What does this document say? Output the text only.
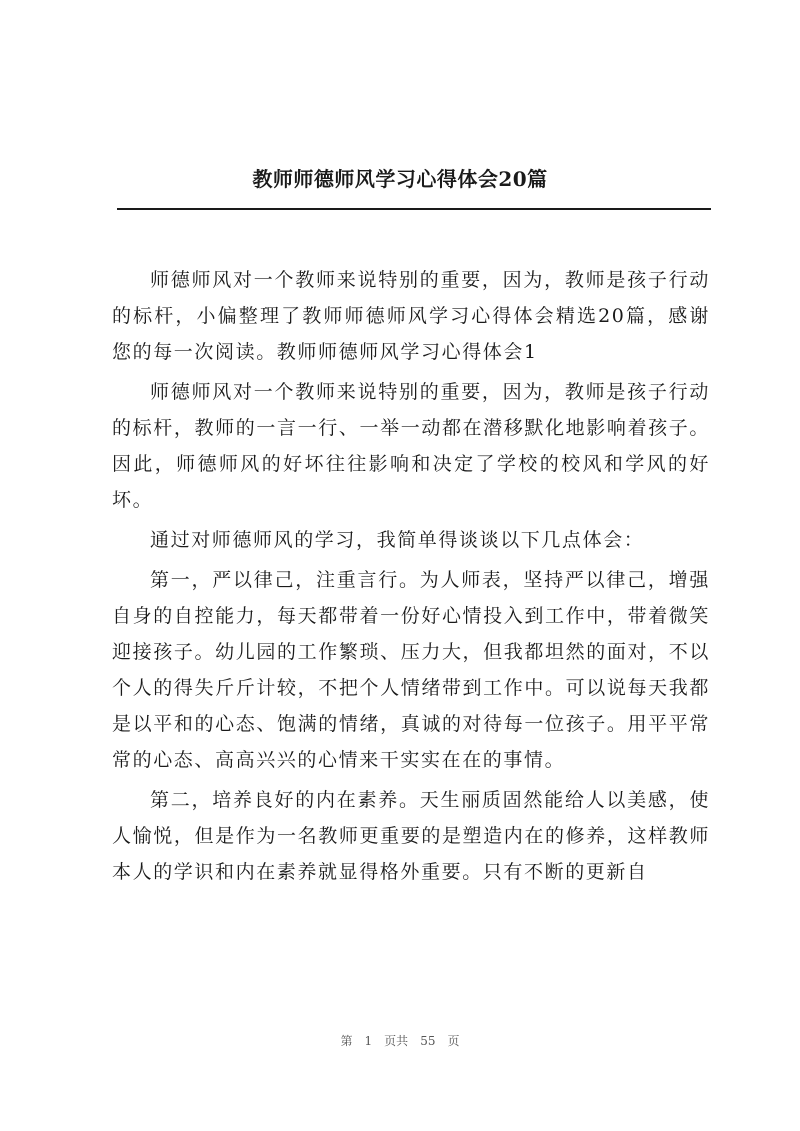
教师师德师风学习心得体会20篇

师德师风对一个教师来说特别的重要，因为，教师是孩子行动的标杆，小偏整理了教师师德师风学习心得体会精选20篇，感谢您的每一次阅读。教师师德师风学习心得体会1

师德师风对一个教师来说特别的重要，因为，教师是孩子行动的标杆，教师的一言一行、一举一动都在潜移默化地影响着孩子。因此，师德师风的好坏往往影响和决定了学校的校风和学风的好坏。

通过对师德师风的学习，我简单得谈谈以下几点体会：

第一，严以律己，注重言行。为人师表，坚持严以律己，增强自身的自控能力，每天都带着一份好心情投入到工作中，带着微笑迎接孩子。幼儿园的工作繁琐、压力大，但我都坦然的面对，不以个人的得失斤斤计较，不把个人情绪带到工作中。可以说每天我都是以平和的心态、饱满的情绪，真诚的对待每一位孩子。用平平常常的心态、高高兴兴的心情来干实实在在的事情。

第二，培养良好的内在素养。天生丽质固然能给人以美感，使人愉悦，但是作为一名教师更重要的是塑造内在的修养，这样教师本人的学识和内在素养就显得格外重要。只有不断的更新自

第 1 页共 55 页
